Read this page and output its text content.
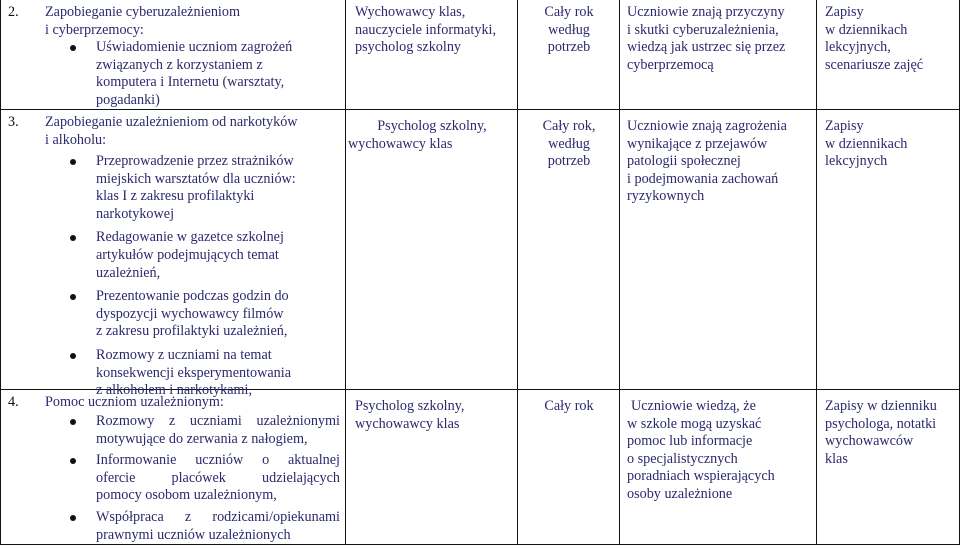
2. Zapobieganie cyberuzależnieniom
i cyberprzemocy:
Uświadomienie uczniom zagrożeń
związanych z korzystaniem z
komputera i Internetu (warsztaty,
pogadanki)
Wychowawcy klas,
nauczyciele informatyki,
psycholog szkolny
Cały rok
według
potrzeb
Uczniowie znają przyczyny
i skutki cyberuzależnienia,
wiedzą jak ustrzec się przez
cyberprzemocą
Zapisy
w dziennikach
lekcyjnych,
scenariusze zajęć
3. Zapobieganie uzależnieniom od narkotyków
i alkoholu:
Przeprowadzenie przez strażników
miejskich warsztatów dla uczniów:
klas I z zakresu profilaktyki
narkotykowej
Redagowanie w gazetce szkolnej
artykułów podejmujących temat
uzależnień,
Prezentowanie podczas godzin do
dyspozycji wychowawcy filmów
z zakresu profilaktyki uzależnień,
Rozmowy z uczniami na temat
konsekwencji eksperymentowania
z alkoholem i narkotykami,
Psycholog szkolny,
wychowawcy klas
Cały rok,
według
potrzeb
Uczniowie znają zagrożenia
wynikające z przejawów
patologii społecznej
i podejmowania zachowań
ryzykownych
Zapisy
w dziennikach
lekcyjnych
4. Pomoc uczniom uzależnionym:
Rozmowy z uczniami uzależnionymi
motywujące do zerwania z nałogiem,
Informowanie uczniów o aktualnej
ofercie placówek udzielających
pomocy osobom uzależnionym,
Współpraca z rodzicami/opiekunami
prawnymi uczniów uzależnionych
Psycholog szkolny,
wychowawcy klas
Cały rok	Uczniowie wiedzą, że
w szkole mogą uzyskać
pomoc lub informacje
o specjalistycznych
poradniach wspierających
osoby uzależnione
Zapisy w dzienniku
psychologa, notatki
wychowawców
klas
